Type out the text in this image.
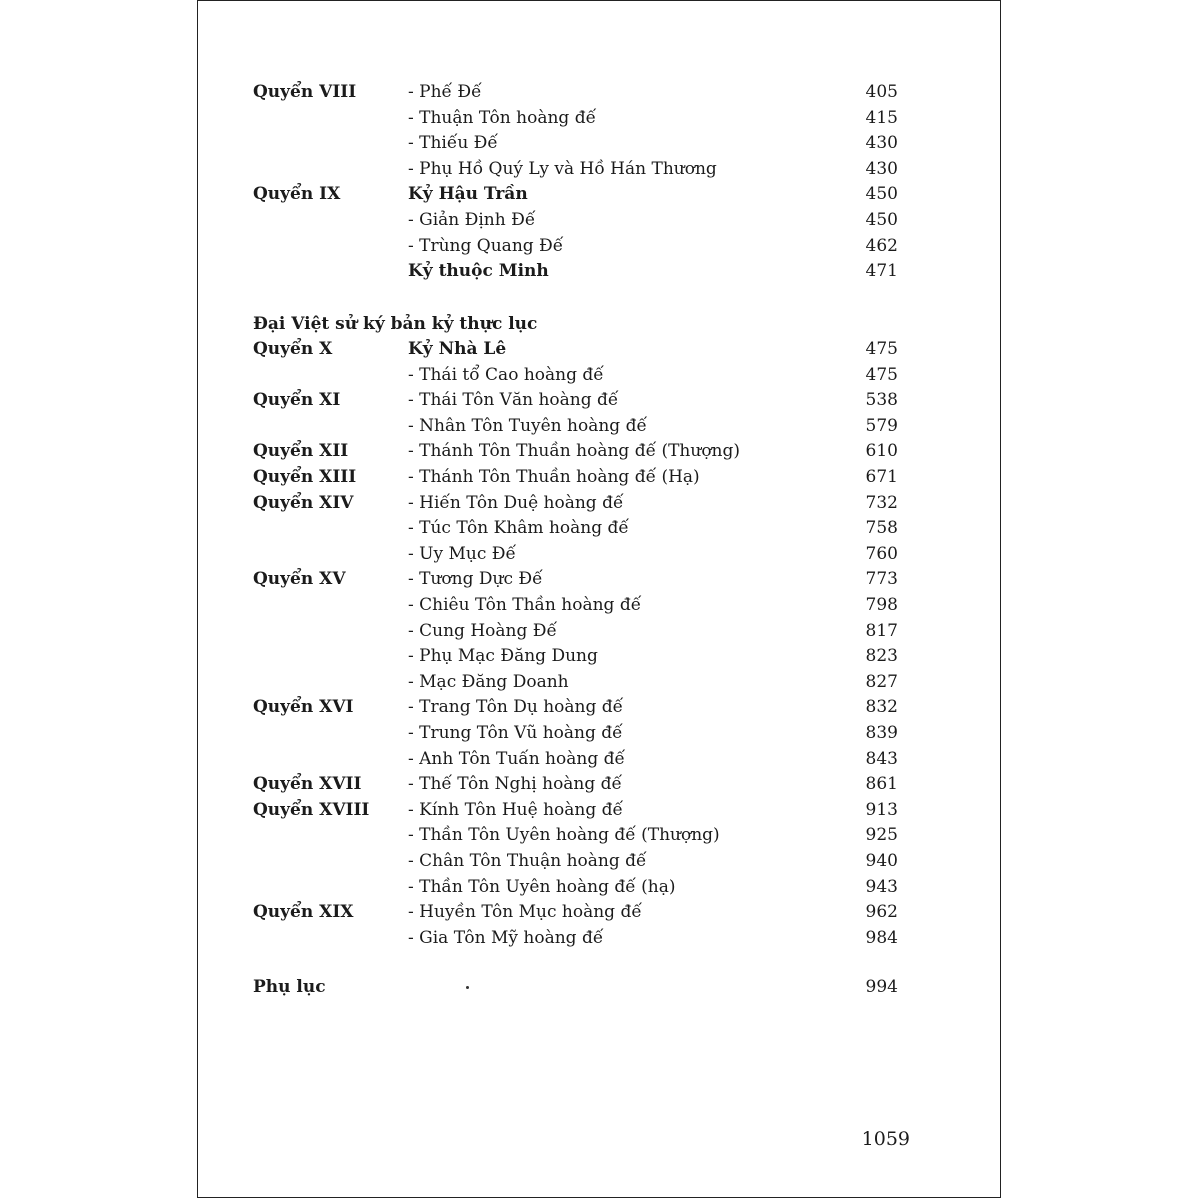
Quyển VIII	- Phế Đế	405
- Thuận Tôn hoàng đế	415
- Thiếu Đế	430
- Phụ Hồ Quý Ly và Hồ Hán Thương	430
Quyển IX	Kỷ Hậu Trần	450
- Giản Định Đế	450
- Trùng Quang Đế	462
Kỷ thuộc Minh	471
Đại Việt sử ký bản kỷ thực lục
Quyển X	Kỷ Nhà Lê	475
- Thái tổ Cao hoàng đế	475
Quyển XI	- Thái Tôn Văn hoàng đế	538
- Nhân Tôn Tuyên hoàng đế	579
Quyển XII	- Thánh Tôn Thuần hoàng đế (Thượng)	610
Quyển XIII	- Thánh Tôn Thuần hoàng đế (Hạ)	671
Quyển XIV	- Hiến Tôn Duệ hoàng đế	732
- Túc Tôn Khâm hoàng đế	758
- Uy Mục Đế	760
Quyển XV	- Tương Dực Đế	773
- Chiêu Tôn Thần hoàng đế	798
- Cung Hoàng Đế	817
- Phụ Mạc Đăng Dung	823
- Mạc Đăng Doanh	827
Quyển XVI	- Trang Tôn Dụ hoàng đế	832
- Trung Tôn Vũ hoàng đế	839
- Anh Tôn Tuấn hoàng đế	843
Quyển XVII	- Thế Tôn Nghị hoàng đế	861
Quyển XVIII - Kính Tôn Huệ hoàng đế	913
- Thần Tôn Uyên hoàng đế (Thượng)	925
- Chân Tôn Thuận hoàng đế	940
- Thần Tôn Uyên hoàng đế (hạ)	943
Quyển XIX	- Huyền Tôn Mục hoàng đế	962
- Gia Tôn Mỹ hoàng đế	984
Phụ lục	994
1059
